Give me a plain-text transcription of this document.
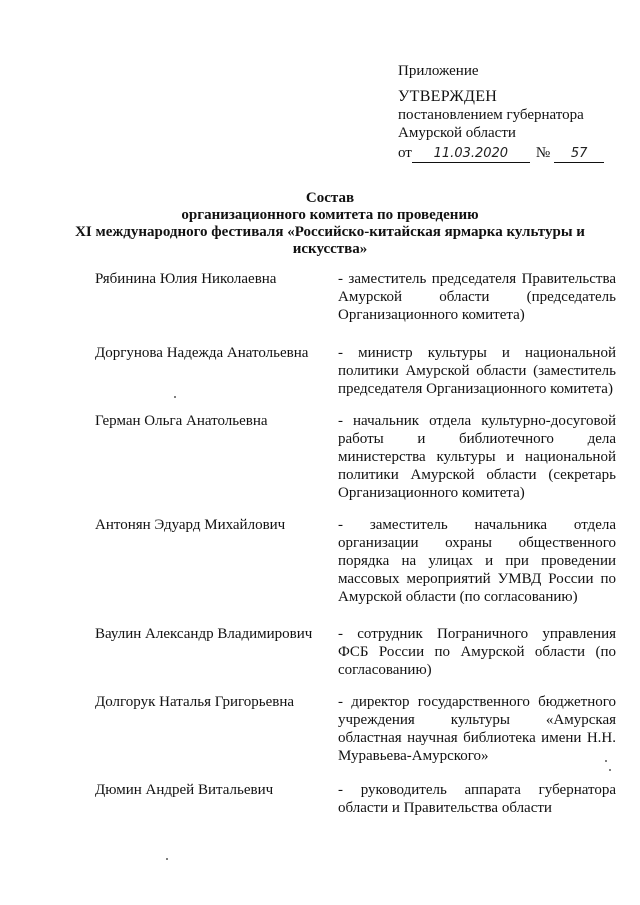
Приложение
УТВЕРЖДЕН
постановлением губернатора
Амурской области
от	11.03.2020	№	57
Состав
организационного комитета по проведению
XI международного фестиваля «Российско-китайская ярмарка культуры и
искусства»
Рябинина Юлия Николаевна	- заместитель председателя Правительства Амурской области (председатель Организационного комитета)
Доргунова Надежда Анатольевна	- министр культуры и национальной политики Амурской области (заместитель председателя Организационного комитета)
Герман Ольга Анатольевна	- начальник отдела культурно-досуговой работы и библиотечного дела министерства культуры и национальной политики Амурской области (секретарь Организационного комитета)
Антонян Эдуард Михайлович	- заместитель начальника отдела организации охраны общественного порядка на улицах и при проведении массовых мероприятий УМВД России по Амурской области (по согласованию)
Ваулин Александр Владимирович	- сотрудник Пограничного управления ФСБ России по Амурской области (по согласованию)
Долгорук Наталья Григорьевна	- директор государственного бюджетного учреждения культуры «Амурская областная научная библиотека имени Н.Н. Муравьева-Амурского»
Дюмин Андрей Витальевич	- руководитель аппарата губернатора области и Правительства области
